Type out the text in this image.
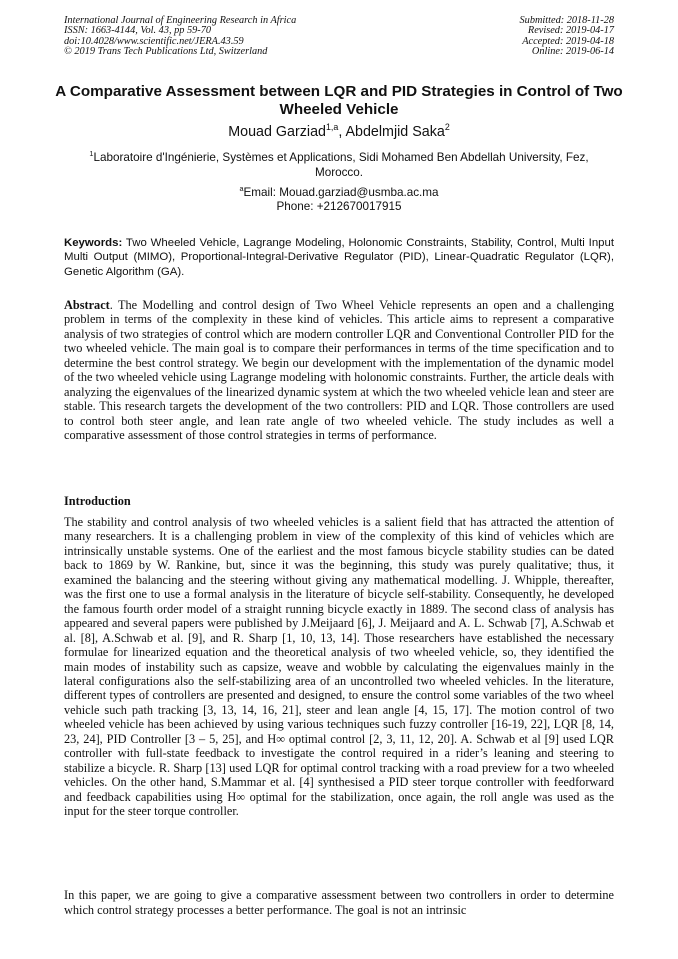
International Journal of Engineering Research in Africa
ISSN: 1663-4144, Vol. 43, pp 59-70
doi:10.4028/www.scientific.net/JERA.43.59
© 2019 Trans Tech Publications Ltd, Switzerland
Submitted: 2018-11-28
Revised: 2019-04-17
Accepted: 2019-04-18
Online: 2019-06-14
A Comparative Assessment between LQR and PID Strategies in Control of Two Wheeled Vehicle
Mouad Garziad$^{1,a}$, Abdelmjid Saka$^2$
$^1$Laboratoire d'Ingénierie, Systèmes et Applications, Sidi Mohamed Ben Abdellah University, Fez, Morocco.
$^a$Email: Mouad.garziad@usmba.ac.ma
Phone: +212670017915
Keywords: Two Wheeled Vehicle, Lagrange Modeling, Holonomic Constraints, Stability, Control, Multi Input Multi Output (MIMO), Proportional-Integral-Derivative Regulator (PID), Linear-Quadratic Regulator (LQR), Genetic Algorithm (GA).
Abstract. The Modelling and control design of Two Wheel Vehicle represents an open and a challenging problem in terms of the complexity in these kind of vehicles. This article aims to represent a comparative analysis of two strategies of control which are modern controller LQR and Conventional Controller PID for the two wheeled vehicle. The main goal is to compare their performances in terms of the time specification and to determine the best control strategy. We begin our development with the implementation of the dynamic model of the two wheeled vehicle using Lagrange modeling with holonomic constraints. Further, the article deals with analyzing the eigenvalues of the linearized dynamic system at which the two wheeled vehicle lean and steer are stable. This research targets the development of the two controllers: PID and LQR. Those controllers are used to control both steer angle, and lean rate angle of two wheeled vehicle. The study includes as well a comparative assessment of those control strategies in terms of performance.
Introduction

The stability and control analysis of two wheeled vehicles is a salient field that has attracted the attention of many researchers. It is a challenging problem in view of the complexity of this kind of vehicles which are intrinsically unstable systems. One of the earliest and the most famous bicycle stability studies can be dated back to 1869 by W. Rankine, but, since it was the beginning, this study was purely qualitative; thus, it examined the balancing and the steering without giving any mathematical modelling. J. Whipple, thereafter, was the first one to use a formal analysis in the literature of bicycle self-stability. Consequently, he developed the famous fourth order model of a straight running bicycle exactly in 1889. The second class of analysis has appeared and several papers were published by J.Meijaard [6], J. Meijaard and A. L. Schwab [7], A.Schwab et al. [8], A.Schwab et al. [9], and R. Sharp [1, 10, 13, 14]. Those researchers have established the necessary formulae for linearized equation and the theoretical analysis of two wheeled vehicle, so, they identified the main modes of instability such as capsize, weave and wobble by calculating the eigenvalues mainly in the lateral configurations also the self-stabilizing area of an uncontrolled two wheeled vehicles. In the literature, different types of controllers are presented and designed, to ensure the control some variables of the two wheel vehicle such path tracking [3, 13, 14, 16, 21], steer and lean angle [4, 15, 17]. The motion control of two wheeled vehicle has been achieved by using various techniques such fuzzy controller [16-19, 22], LQR [8, 14, 23, 24], PID Controller [3 – 5, 25], and H∞ optimal control [2, 3, 11, 12, 20]. A. Schwab et al [9] used LQR controller with full-state feedback to investigate the control required in a rider’s leaning and steering to stabilize a bicycle. R. Sharp [13] used LQR for optimal control tracking with a road preview for a two wheeled vehicles. On the other hand, S.Mammar et al. [4] synthesised a PID steer torque controller with feedforward and feedback capabilities using H∞ optimal for the stabilization, once again, the roll angle was used as the input for the steer torque controller.

In this paper, we are going to give a comparative assessment between two controllers in order to determine which control strategy processes a better performance. The goal is not an intrinsic
